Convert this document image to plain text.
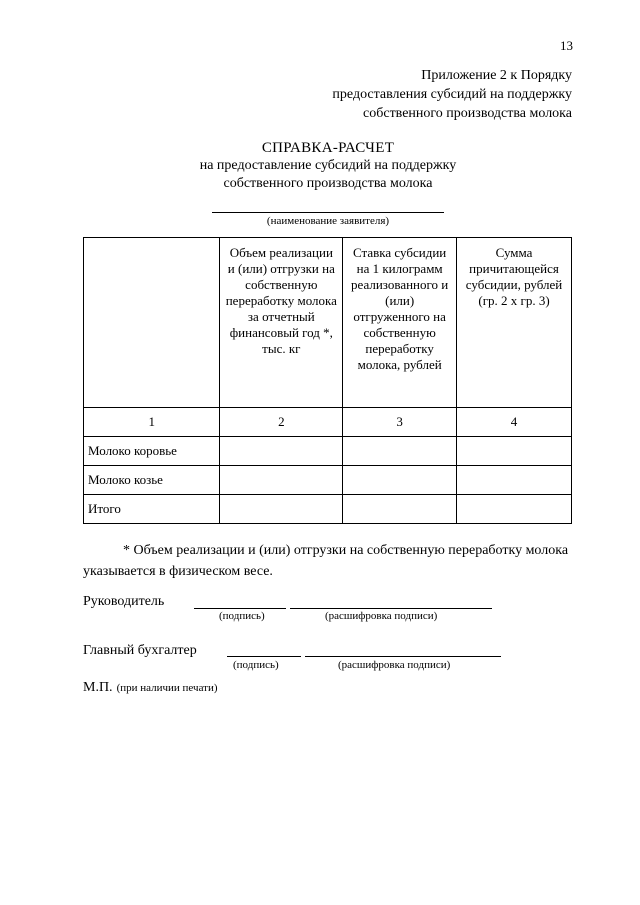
13
Приложение 2 к Порядку
предоставления субсидий на поддержку
собственного производства молока
СПРАВКА-РАСЧЕТ
на предоставление субсидий на поддержку
собственного производства молока
(наименование заявителя)

	Объем реализации и (или) отгрузки на собственную переработку молока за отчетный финансовый год *, тыс. кг	Ставка субсидии на 1 килограмм реализованного и (или) отгруженного на собственную переработку молока, рублей	Сумма причитающейся субсидии, рублей (гр. 2 х гр. 3)

1	2	3	4
Молоко коровье			
Молоко козье			
Итого			
* Объем реализации и (или) отгрузки на собственную переработку молока указывается в физическом весе.
Руководитель
(подпись)	(расшифровка подписи)
Главный бухгалтер
(подпись)	(расшифровка подписи)
М.П. (при наличии печати)
